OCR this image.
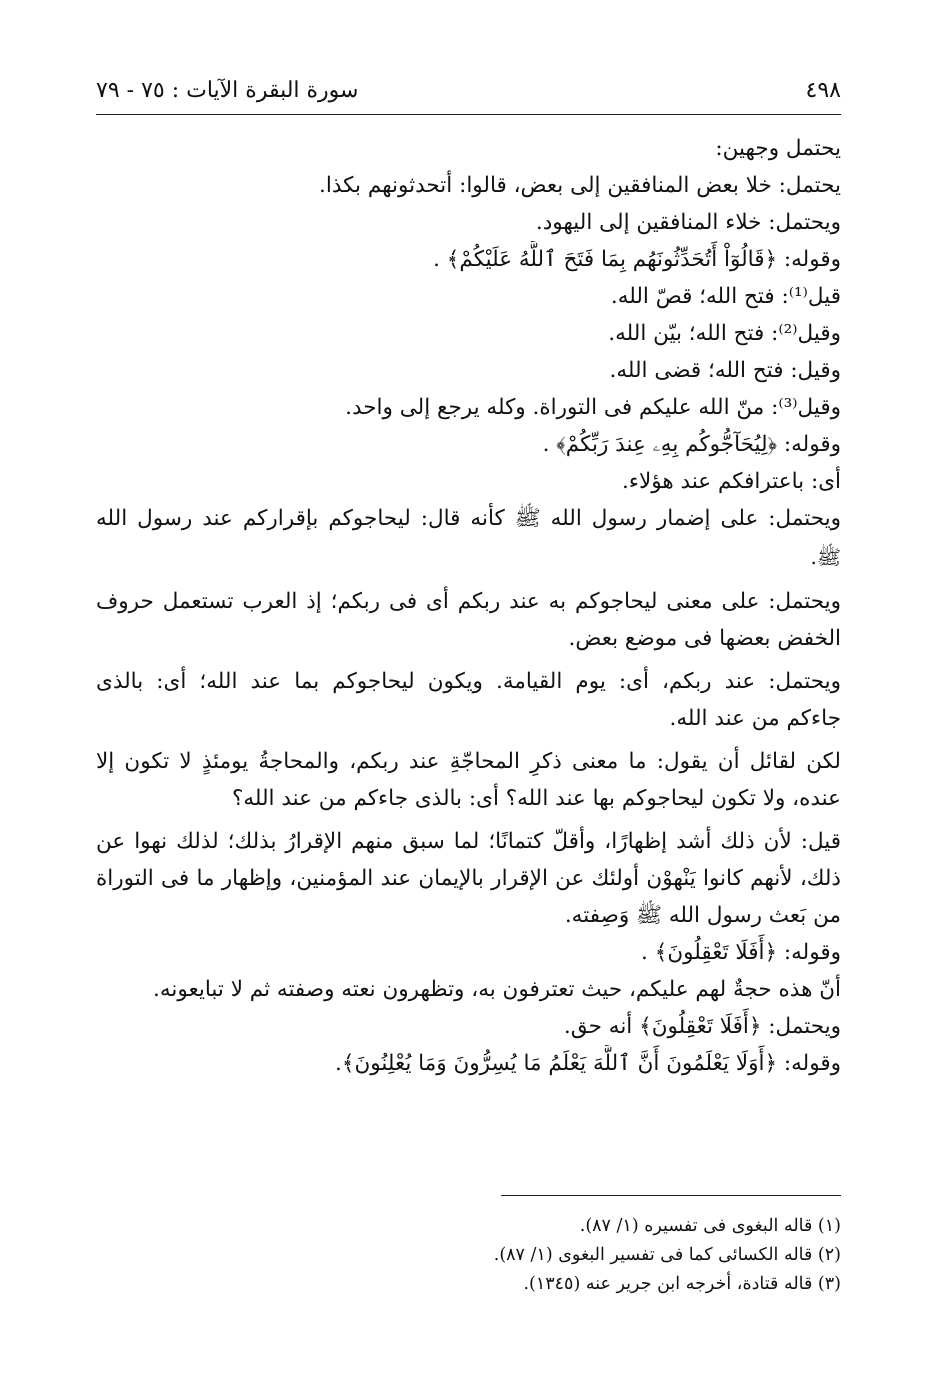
٤٩٨
سورة البقرة الآيات : ٧٥ - ٧٩
يحتمل وجهين:
يحتمل: خلا بعض المنافقين إلى بعض، قالوا: أتحدثونهم بكذا.
ويحتمل: خلاء المنافقين إلى اليهود.
وقوله: ﴿قَالُوٓاْ أَتُحَدِّثُونَهُم بِمَا فَتَحَ ٱللَّهُ عَلَيْكُمْ﴾ .
قيل⁽¹⁾: فتح الله؛ قصّ الله.
وقيل⁽²⁾: فتح الله؛ بيّن الله.
وقيل: فتح الله؛ قضى الله.
وقيل⁽³⁾: منّ الله عليكم فى التوراة. وكله يرجع إلى واحد.
وقوله: ﴿لِيُحَآجُّوكُم بِهِۦ عِندَ رَبِّكُمْ﴾ .
أى: باعترافكم عند هؤلاء.
ويحتمل: على إضمار رسول الله ﷺ كأنه قال: ليحاجوكم بإقراركم عند رسول الله
ﷺ.
ويحتمل: على معنى ليحاجوكم به عند ربكم أى فى ربكم؛ إذ العرب تستعمل حروف
الخفض بعضها فى موضع بعض.
ويحتمل: عند ربكم، أى: يوم القيامة. ويكون ليحاجوكم بما عند الله؛ أى: بالذى
جاءكم من عند الله.
لكن لقائل أن يقول: ما معنى ذكرِ المحاجّةِ عند ربكم، والمحاجةُ يومئذٍ لا تكون إلا
عنده، ولا تكون ليحاجوكم بها عند الله؟ أى: بالذى جاءكم من عند الله؟
قيل: لأن ذلك أشد إظهارًا، وأقلّ كتمانًا؛ لما سبق منهم الإقرارُ بذلك؛ لذلك نهوا عن
ذلك، لأنهم كانوا يَنْهوْن أولئك عن الإقرار بالإيمان عند المؤمنين، وإظهار ما فى التوراة
من بَعث رسول الله ﷺ وَصِفته.
وقوله: ﴿أَفَلَا تَعْقِلُونَ﴾ .
أنّ هذه حجةٌ لهم عليكم، حيث تعترفون به، وتظهرون نعته وصفته ثم لا تبايعونه.
ويحتمل: ﴿أَفَلَا تَعْقِلُونَ﴾ أنه حق.
وقوله: ﴿أَوَلَا يَعْلَمُونَ أَنَّ ٱللَّهَ يَعْلَمُ مَا يُسِرُّونَ وَمَا يُعْلِنُونَ﴾.
(١) قاله البغوى فى تفسيره (١/ ٨٧).
(٢) قاله الكسائى كما فى تفسير البغوى (١/ ٨٧).
(٣) قاله قتادة، أخرجه ابن جرير عنه (١٣٤٥).
